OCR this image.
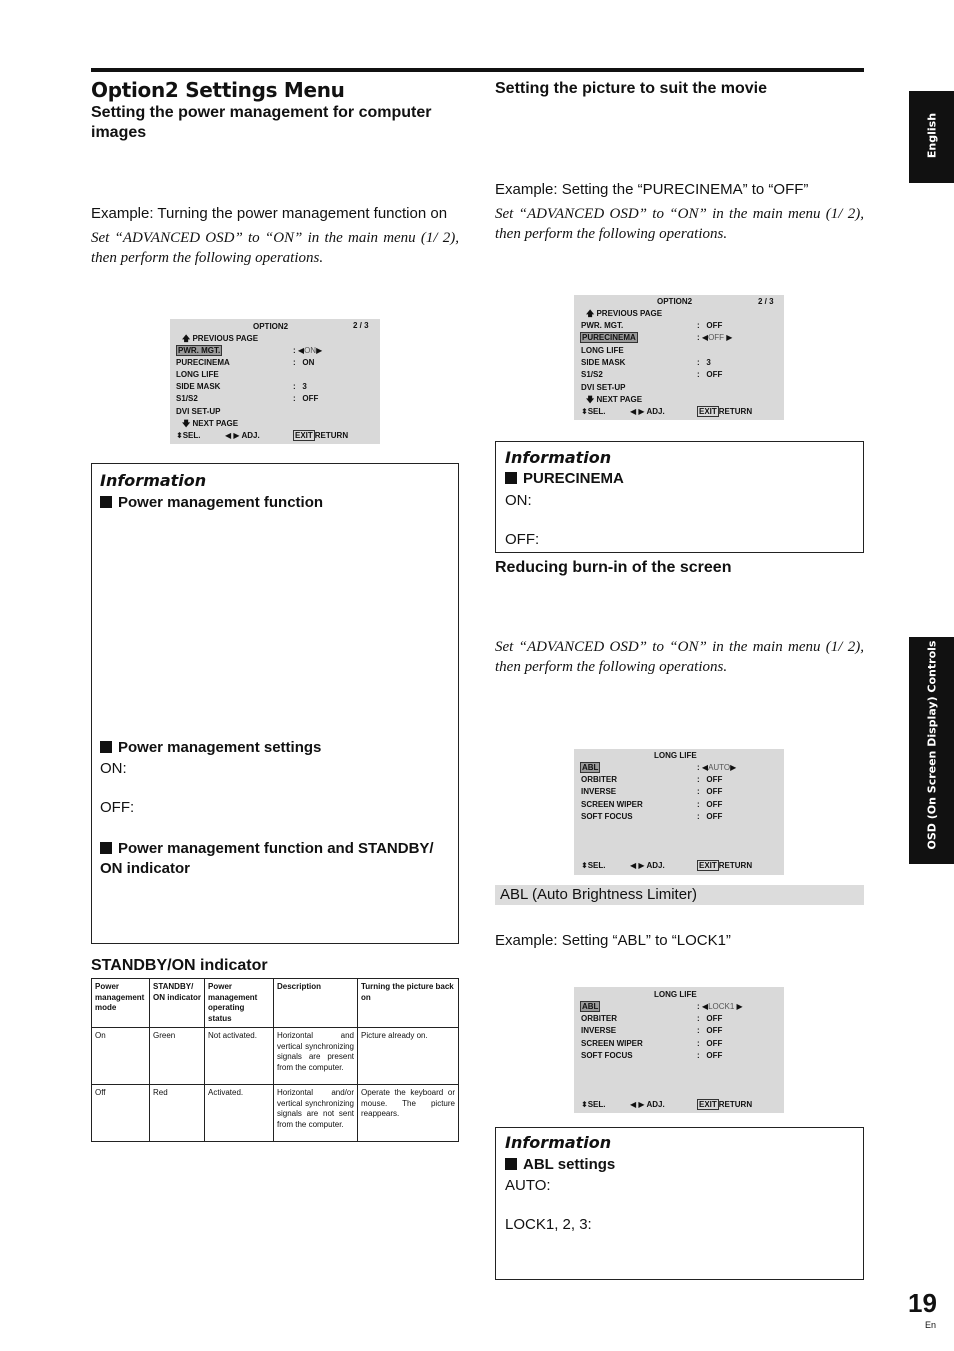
Option2 Settings Menu
English
OSD (On Screen Display) Controls
Setting the power management for computer images
Example: Turning the power management function on
Set “ADVANCED OSD” to “ON” in the main menu (1/ 2), then perform the following operations.
OPTION2	2 / 3
🡅 PREVIOUS PAGE
PWR. MGT.	: ◀ON▶
PURECINEMA	: ON
LONG LIFE
SIDE MASK	: 3
S1/S2	: OFF
DVI SET-UP
🡇 NEXT PAGE
⬍SEL.	◀ ▶ ADJ.	EXIT RETURN
Information
Power management function
Power management settings
ON:
OFF:
Power management function and STANDBY/
ON indicator
STANDBY/ON indicator
Power management mode	STANDBY/ ON indicator	Power management operating status	Description	Turning the picture back on
On	Green	Not activated.	Horizontal and vertical synchronizing signals are present from the computer.	Picture already on.
Off	Red	Activated.	Horizontal and/or vertical synchronizing signals are not sent from the computer.	Operate the keyboard or mouse. The picture reappears.
Setting the picture to suit the movie
Example: Setting the “PURECINEMA” to “OFF”
Set “ADVANCED OSD” to “ON” in the main menu (1/ 2), then perform the following operations.
OPTION2	2 / 3
🡅 PREVIOUS PAGE
PWR. MGT.	: OFF
PURECINEMA	: ◀OFF ▶
LONG LIFE
SIDE MASK	: 3
S1/S2	: OFF
DVI SET-UP
🡇 NEXT PAGE
⬍SEL.	◀ ▶ ADJ.	EXIT RETURN
Information
PURECINEMA
ON:
OFF:
Reducing burn-in of the screen
Set “ADVANCED OSD” to “ON” in the main menu (1/ 2), then perform the following operations.
LONG LIFE
ABL	: ◀AUTO▶
ORBITER	: OFF
INVERSE	: OFF
SCREEN WIPER	: OFF
SOFT FOCUS	: OFF
⬍SEL.	◀ ▶ ADJ.	EXIT RETURN
ABL (Auto Brightness Limiter)
Example: Setting “ABL” to “LOCK1”
LONG LIFE
ABL	: ◀LOCK1 ▶
ORBITER	: OFF
INVERSE	: OFF
SCREEN WIPER	: OFF
SOFT FOCUS	: OFF
⬍SEL.	◀ ▶ ADJ.	EXIT RETURN
Information
ABL settings
AUTO:
LOCK1, 2, 3:
19
En
